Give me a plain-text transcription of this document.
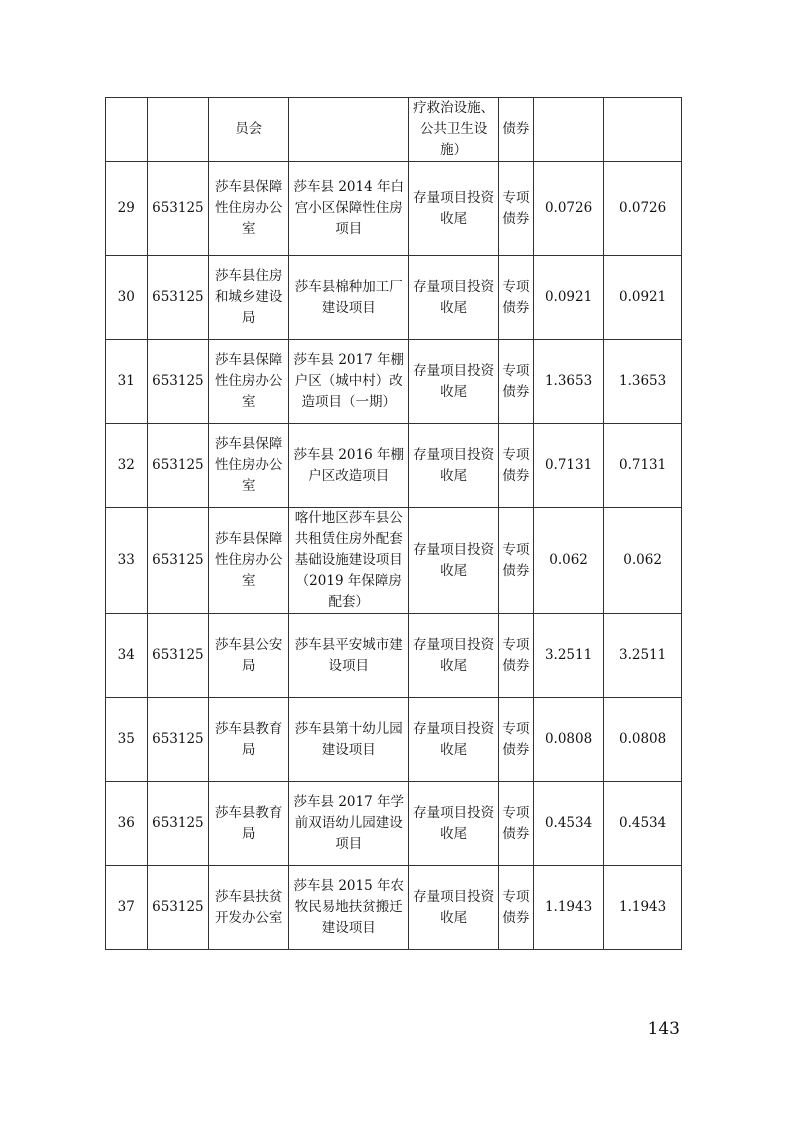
		员会		疗救治设施、公共卫生设施）	债券		
29	653125	莎车县保障性住房办公室	莎车县 2014 年白宫小区保障性住房项目	存量项目投资收尾	专项债券	0.0726	0.0726
30	653125	莎车县住房和城乡建设局	莎车县棉种加工厂建设项目	存量项目投资收尾	专项债券	0.0921	0.0921
31	653125	莎车县保障性住房办公室	莎车县 2017 年棚户区（城中村）改造项目（一期）	存量项目投资收尾	专项债券	1.3653	1.3653
32	653125	莎车县保障性住房办公室	莎车县 2016 年棚户区改造项目	存量项目投资收尾	专项债券	0.7131	0.7131
33	653125	莎车县保障性住房办公室	喀什地区莎车县公共租赁住房外配套基础设施建设项目（2019 年保障房配套）	存量项目投资收尾	专项债券	0.062	0.062
34	653125	莎车县公安局	莎车县平安城市建设项目	存量项目投资收尾	专项债券	3.2511	3.2511
35	653125	莎车县教育局	莎车县第十幼儿园建设项目	存量项目投资收尾	专项债券	0.0808	0.0808
36	653125	莎车县教育局	莎车县 2017 年学前双语幼儿园建设项目	存量项目投资收尾	专项债券	0.4534	0.4534
37	653125	莎车县扶贫开发办公室	莎车县 2015 年农牧民易地扶贫搬迁建设项目	存量项目投资收尾	专项债券	1.1943	1.1943
143
